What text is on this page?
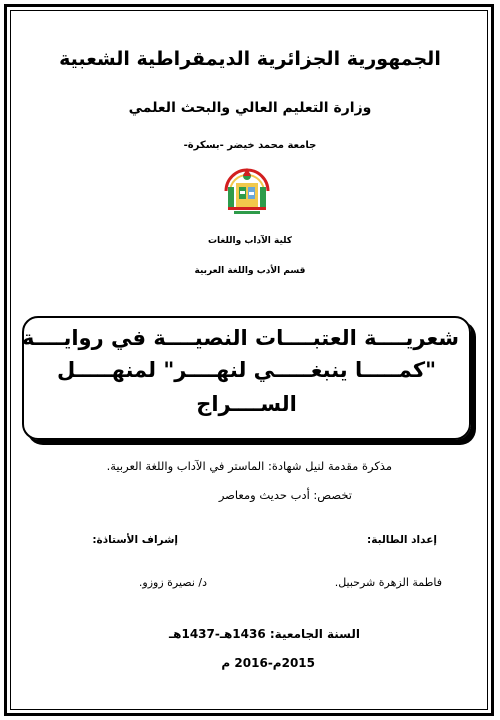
الجمهورية الجزائرية الديمقراطية الشعبية
وزارة التعليم العالي والبحث العلمي
جامعة محمد خيضر -بسكرة-
كلية الآداب واللغات
قسم الأدب واللغة العربية
شعريــــة العتبــــات النصيــــة في روايــــة
"كمـــــا ينبغـــــي لنهــــر" لمنهـــــل
الســــراج
مذكرة مقدمة لنيل شهادة: الماستر في الآداب واللغة العربية.
تخصص: أدب حديث ومعاصر
إعداد الطالبة:
إشراف الأستاذة:
فاطمة الزهرة شرحبيل.
د/ نصيرة زوزو.
السنة الجامعية: 1436هـ-1437هـ
2015م-2016 م
